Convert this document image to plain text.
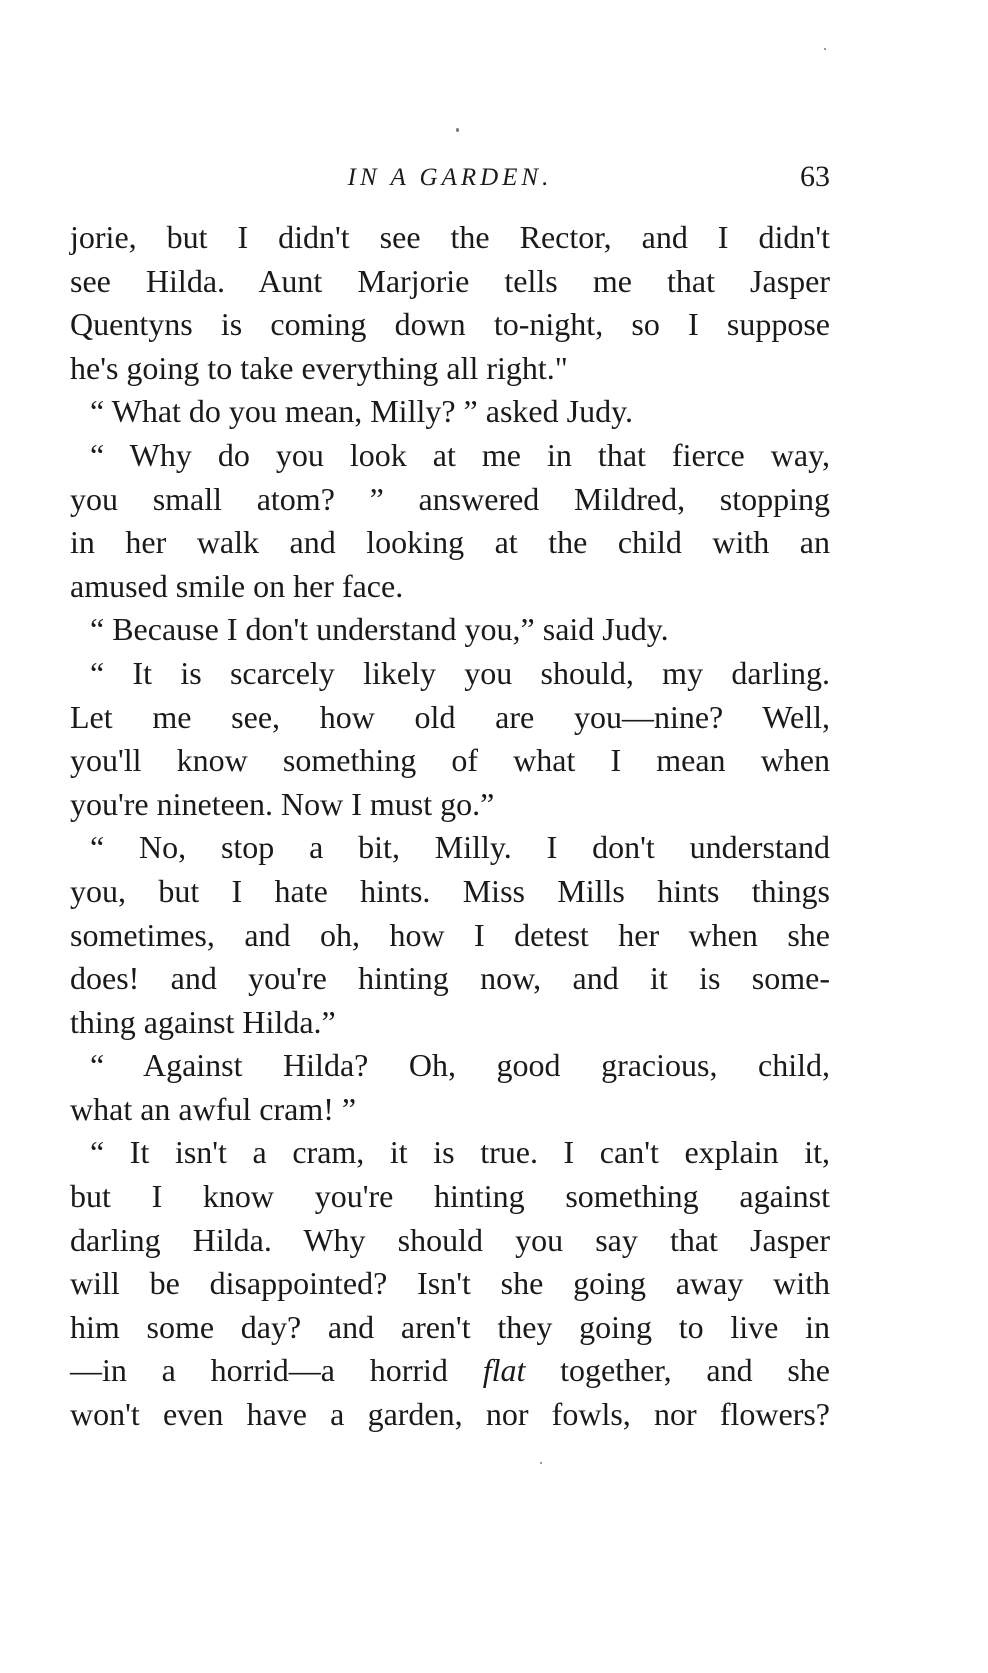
IN A GARDEN.	63
jorie, but I didn't see the Rector, and I didn't
see Hilda. Aunt Marjorie tells me that Jasper
Quentyns is coming down to-night, so I suppose
he's going to take everything all right."
“ What do you mean, Milly? ” asked Judy.
“ Why do you look at me in that fierce way,
you small atom? ” answered Mildred, stopping
in her walk and looking at the child with an
amused smile on her face.
“ Because I don't understand you,” said Judy.
“ It is scarcely likely you should, my darling.
Let me see, how old are you—nine? Well,
you'll know something of what I mean when
you're nineteen. Now I must go.”
“ No, stop a bit, Milly. I don't understand
you, but I hate hints. Miss Mills hints things
sometimes, and oh, how I detest her when she
does! and you're hinting now, and it is some-
thing against Hilda.”
“ Against Hilda? Oh, good gracious, child,
what an awful cram! ”
“ It isn't a cram, it is true. I can't explain it,
but I know you're hinting something against
darling Hilda. Why should you say that Jasper
will be disappointed? Isn't she going away with
him some day? and aren't they going to live in
—in a horrid—a horrid flat together, and she
won't even have a garden, nor fowls, nor flowers?
